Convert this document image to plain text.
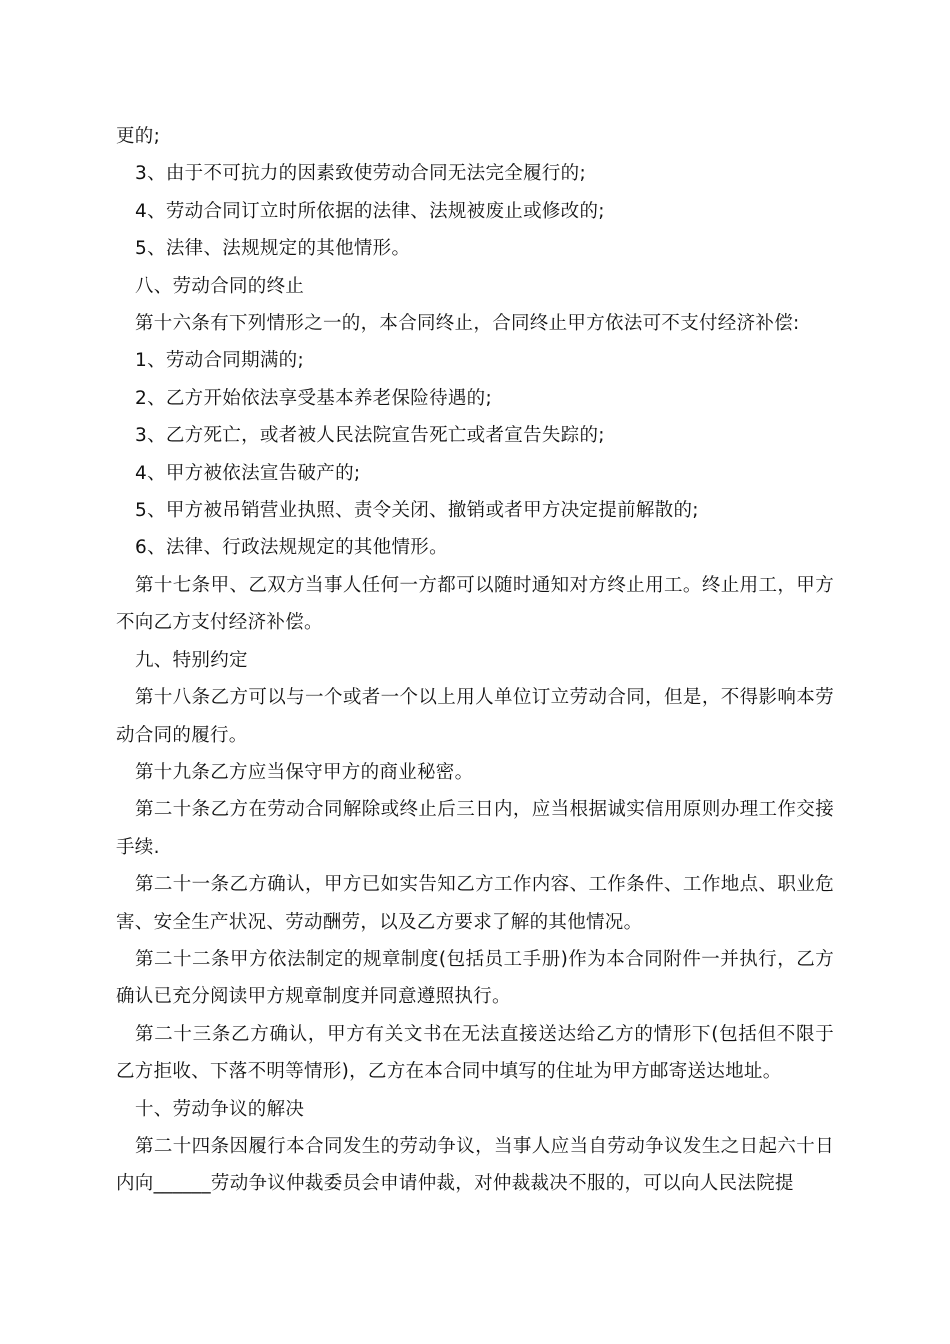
更的;

3、由于不可抗力的因素致使劳动合同无法完全履行的;

4、劳动合同订立时所依据的法律、法规被废止或修改的;

5、法律、法规规定的其他情形。

八、劳动合同的终止

第十六条有下列情形之一的，本合同终止，合同终止甲方依法可不支付经济补偿:

1、劳动合同期满的;

2、乙方开始依法享受基本养老保险待遇的;

3、乙方死亡，或者被人民法院宣告死亡或者宣告失踪的;

4、甲方被依法宣告破产的;

5、甲方被吊销营业执照、责令关闭、撤销或者甲方决定提前解散的;

6、法律、行政法规规定的其他情形。

第十七条甲、乙双方当事人任何一方都可以随时通知对方终止用工。终止用工，甲方不向乙方支付经济补偿。

九、特别约定

第十八条乙方可以与一个或者一个以上用人单位订立劳动合同，但是，不得影响本劳动合同的履行。

第十九条乙方应当保守甲方的商业秘密。

第二十条乙方在劳动合同解除或终止后三日内，应当根据诚实信用原则办理工作交接手续.

第二十一条乙方确认，甲方已如实告知乙方工作内容、工作条件、工作地点、职业危害、安全生产状况、劳动酬劳，以及乙方要求了解的其他情况。

第二十二条甲方依法制定的规章制度(包括员工手册)作为本合同附件一并执行，乙方确认已充分阅读甲方规章制度并同意遵照执行。

第二十三条乙方确认，甲方有关文书在无法直接送达给乙方的情形下(包括但不限于乙方拒收、下落不明等情形)，乙方在本合同中填写的住址为甲方邮寄送达地址。

十、劳动争议的解决

第二十四条因履行本合同发生的劳动争议，当事人应当自劳动争议发生之日起六十日内向______劳动争议仲裁委员会申请仲裁，对仲裁裁决不服的，可以向人民法院提
